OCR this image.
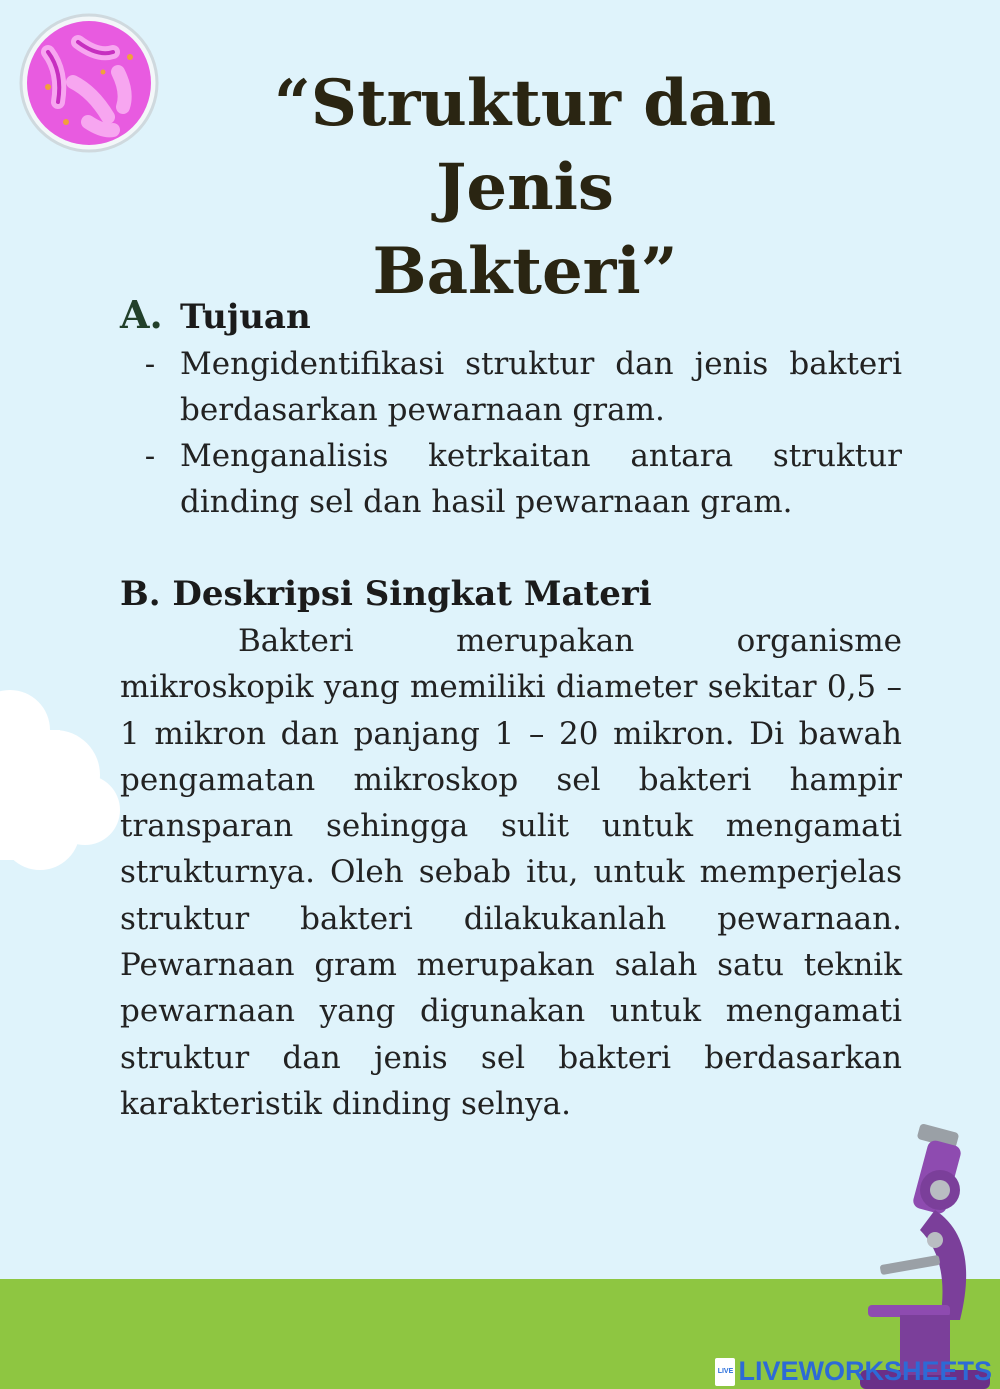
“Struktur dan Jenis
Bakteri”
A. Tujuan
- Mengidentifikasi struktur dan jenis bakteri berdasarkan pewarnaan gram.
- Menganalisis ketrkaitan antara struktur dinding sel dan hasil pewarnaan gram.
B. Deskripsi Singkat Materi

Bakteri merupakan organisme mikroskopik yang memiliki diameter sekitar 0,5 – 1 mikron dan panjang 1 – 20 mikron. Di bawah pengamatan mikroskop sel bakteri hampir transparan sehingga sulit untuk mengamati strukturnya. Oleh sebab itu, untuk memperjelas struktur bakteri dilakukanlah pewarnaan. Pewarnaan gram merupakan salah satu teknik pewarnaan yang digunakan untuk mengamati struktur dan jenis sel bakteri berdasarkan karakteristik dinding selnya.

LIVE LIVEWORKSHEETS
